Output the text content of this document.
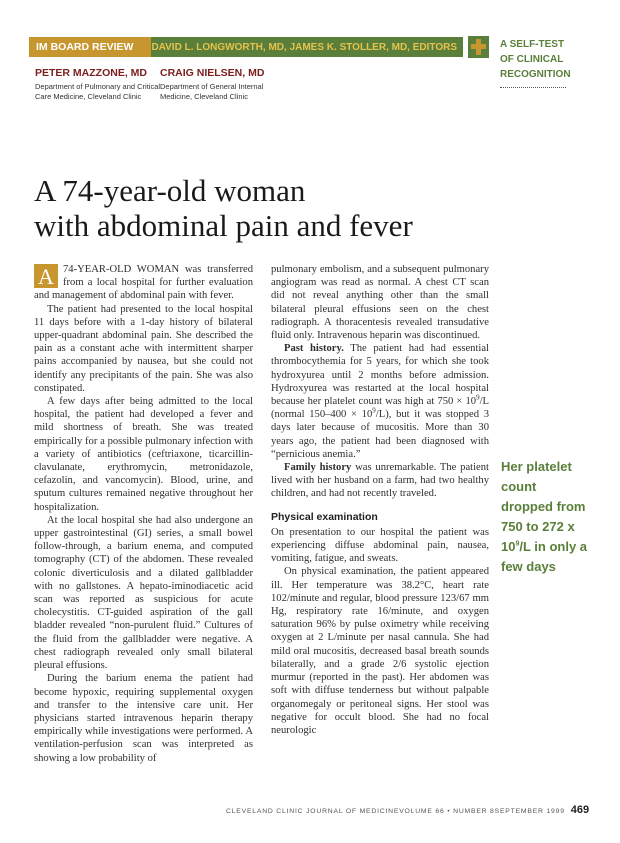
IM BOARD REVIEW	DAVID L. LONGWORTH, MD, JAMES K. STOLLER, MD, EDITORS	A SELF-TEST
OF CLINICAL
RECOGNITION
PETER MAZZONE, MD
Department of Pulmonary and Critical
Care Medicine, Cleveland Clinic
CRAIG NIELSEN, MD
Department of General Internal
Medicine, Cleveland Clinic
A 74-year-old woman
with abdominal pain and fever

A 74-YEAR-OLD WOMAN was transferred from a local hospital for further evaluation and management of abdominal pain with fever.

The patient had presented to the local hospital 11 days before with a 1-day history of bilateral upper-quadrant abdominal pain. She described the pain as a constant ache with intermittent sharper pains accompanied by nausea, but she could not identify any precipitants of the pain. She was also constipated.

A few days after being admitted to the local hospital, the patient had developed a fever and mild shortness of breath. She was treated empirically for a possible pulmonary infection with a variety of antibiotics (ceftriaxone, ticarcillin-clavulanate, erythromycin, metronidazole, cefazolin, and vancomycin). Blood, urine, and sputum cultures remained negative throughout her hospitalization.

At the local hospital she had also undergone an upper gastrointestinal (GI) series, a small bowel follow-through, a barium enema, and computed tomography (CT) of the abdomen. These revealed colonic diverticulosis and a dilated gallbladder with no gallstones. A hepato-iminodiacetic acid scan was reported as suspicious for acute cholecystitis. CT-guided aspiration of the gall bladder revealed “non-purulent fluid.” Cultures of the fluid from the gallbladder were negative. A chest radiograph revealed only small bilateral pleural effusions.

During the barium enema the patient had become hypoxic, requiring supplemental oxygen and transfer to the intensive care unit. Her physicians started intravenous heparin therapy empirically while investigations were performed. A ventilation-perfusion scan was interpreted as showing a low probability of

pulmonary embolism, and a subsequent pulmonary angiogram was read as normal. A chest CT scan did not reveal anything other than the small bilateral pleural effusions seen on the chest radiograph. A thoracentesis revealed transudative fluid only. Intravenous heparin was discontinued.

Past history. The patient had had essential thrombocythemia for 5 years, for which she took hydroxyurea until 2 months before admission. Hydroxyurea was restarted at the local hospital because her platelet count was high at $750 \times 10^9/L$ (normal $150-400 \times 10^9/L$), but it was stopped 3 days later because of mucositis. More than 30 years ago, the patient had been diagnosed with “pernicious anemia.”

Family history was unremarkable. The patient lived with her husband on a farm, had two healthy children, and had not recently traveled.

Physical examination

On presentation to our hospital the patient was experiencing diffuse abdominal pain, nausea, vomiting, fatigue, and sweats.

On physical examination, the patient appeared ill. Her temperature was 38.2°C, heart rate 102/minute and regular, blood pressure 123/67 mm Hg, respiratory rate 16/minute, and oxygen saturation 96% by pulse oximetry while receiving oxygen at 2 L/minute per nasal cannula. She had mild oral mucositis, decreased basal breath sounds bilaterally, and a grade 2/6 systolic ejection murmur (reported in the past). Her abdomen was soft with diffuse tenderness but without palpable organomegaly or peritoneal signs. Her stool was negative for occult blood. She had no focal neurologic

Her platelet count dropped from 750 to 272 x $10^9/L$ in only a few days
CLEVELAND CLINIC JOURNAL OF MEDICINE VOLUME 66 • NUMBER 8 SEPTEMBER 1999 469
